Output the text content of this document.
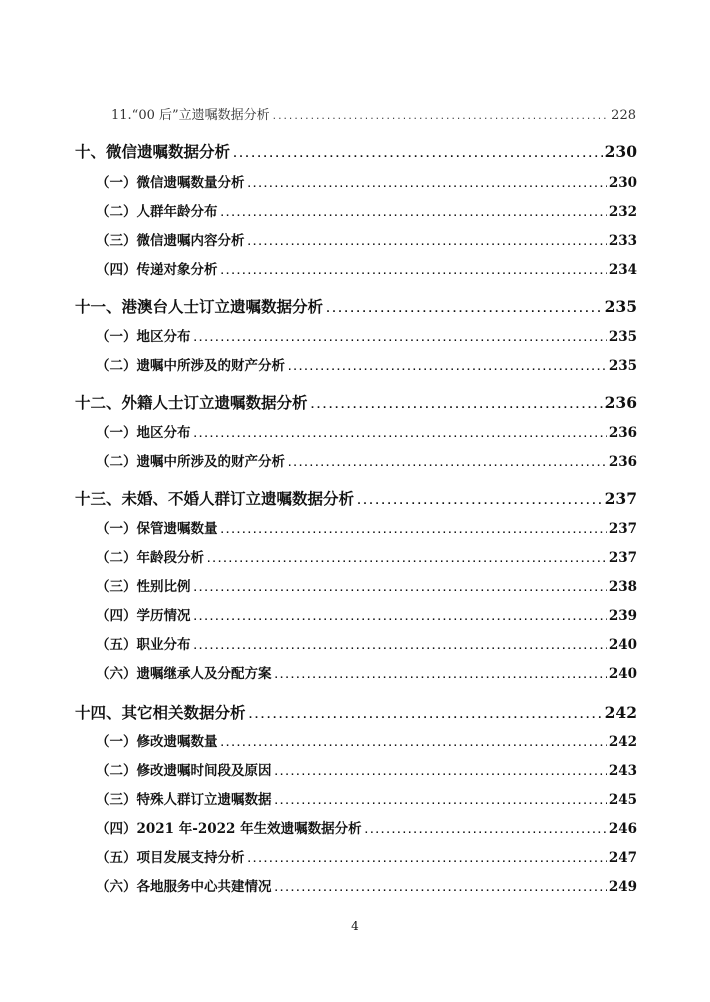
11.“00 后”立遗嘱数据分析 .....	228
十、微信遗嘱数据分析 .....	230
（一）微信遗嘱数量分析 .....	230
（二）人群年龄分布 .....	232
（三）微信遗嘱内容分析 .....	233
（四）传递对象分析 .....	234
十一、港澳台人士订立遗嘱数据分析 .....	235
（一）地区分布 .....	235
（二）遗嘱中所涉及的财产分析 .....	235
十二、外籍人士订立遗嘱数据分析 .....	236
（一）地区分布 .....	236
（二）遗嘱中所涉及的财产分析 .....	236
十三、未婚、不婚人群订立遗嘱数据分析 .....	237
（一）保管遗嘱数量 .....	237
（二）年龄段分析 .....	237
（三）性别比例 .....	238
（四）学历情况 .....	239
（五）职业分布 .....	240
（六）遗嘱继承人及分配方案 .....	240
十四、其它相关数据分析 .....	242
（一）修改遗嘱数量 .....	242
（二）修改遗嘱时间段及原因 .....	243
（三）特殊人群订立遗嘱数据 .....	245
（四）2021 年-2022 年生效遗嘱数据分析 .....	246
（五）项目发展支持分析 .....	247
（六）各地服务中心共建情况 .....	249
4
